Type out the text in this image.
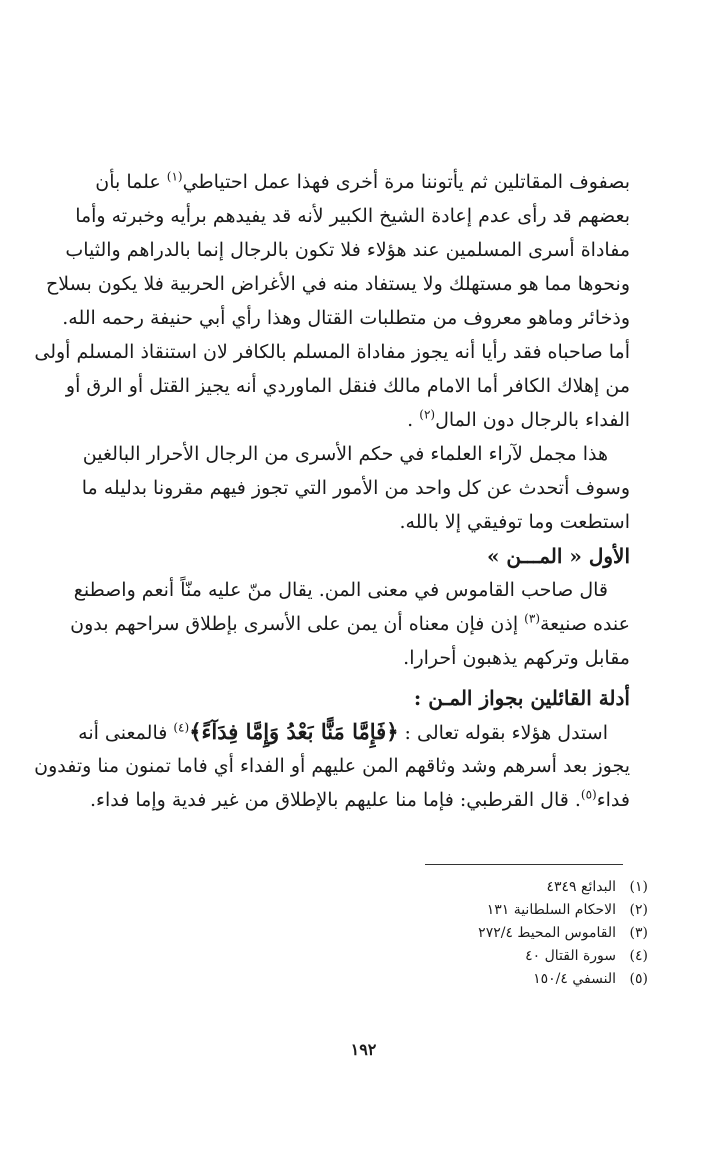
بصفوف المقاتلين ثم يأتوننا مرة أخرى فهذا عمل احتياطي$^{(١)}$ علما بأن
بعضهم قد رأى عدم إعادة الشيخ الكبير لأنه قد يفيدهم برأيه وخبرته وأما
مفاداة أسرى المسلمين عند هؤلاء فلا تكون بالرجال إنما بالدراهم والثياب
ونحوها مما هو مستهلك ولا يستفاد منه في الأغراض الحربية فلا يكون بسلاح
وذخائر وماهو معروف من متطلبات القتال وهذا رأي أبي حنيفة رحمه الله.
أما صاحباه فقد رأيا أنه يجوز مفاداة المسلم بالكافر لان استنقاذ المسلم أولى
من إهلاك الكافر أما الامام مالك فنقل الماوردي أنه يجيز القتل أو الرق أو
الفداء بالرجال دون المال$^{(٢)}$ .
هذا مجمل لآراء العلماء في حكم الأسرى من الرجال الأحرار البالغين
وسوف أتحدث عن كل واحد من الأمور التي تجوز فيهم مقرونا بدليله ما
استطعت وما توفيقي إلا بالله.
الأول « المـــن »
قال صاحب القاموس في معنى المن. يقال منّ عليه منّاً أنعم واصطنع
عنده صنيعة$^{(٣)}$ إذن فإن معناه أن يمن على الأسرى بإطلاق سراحهم بدون
مقابل وتركهم يذهبون أحرارا.
أدلة القائلين بجواز المـن :
استدل هؤلاء بقوله تعالى : ﴿فَإِمَّا مَنًّا بَعْدُ وَإِمَّا فِدَآءً﴾$^{(٤)}$ فالمعنى أنه
يجوز بعد أسرهم وشد وثاقهم المن عليهم أو الفداء أي فاما تمنون منا وتفدون
فداء$^{(٥)}$. قال القرطبي: فإما منا عليهم بالإطلاق من غير فدية وإما فداء.
(١)البدائع ٤٣٤٩
(٢)الاحكام السلطانية ١٣١
(٣)القاموس المحيط ٢٧٢/٤
(٤)سورة القتال ٤٠
(٥)النسفي ١٥٠/٤
١٩٢
